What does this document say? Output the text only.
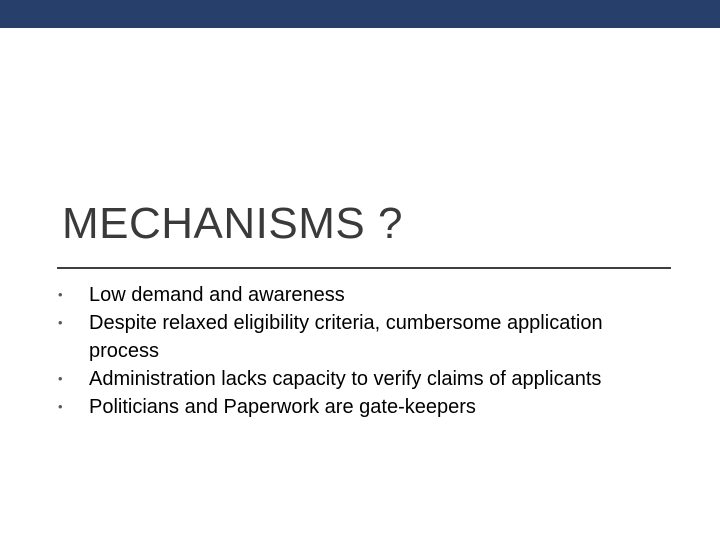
MECHANISMS ?
• Low demand and awareness
• Despite relaxed eligibility criteria, cumbersome application process
• Administration lacks capacity to verify claims of applicants
• Politicians and Paperwork are gate-keepers
